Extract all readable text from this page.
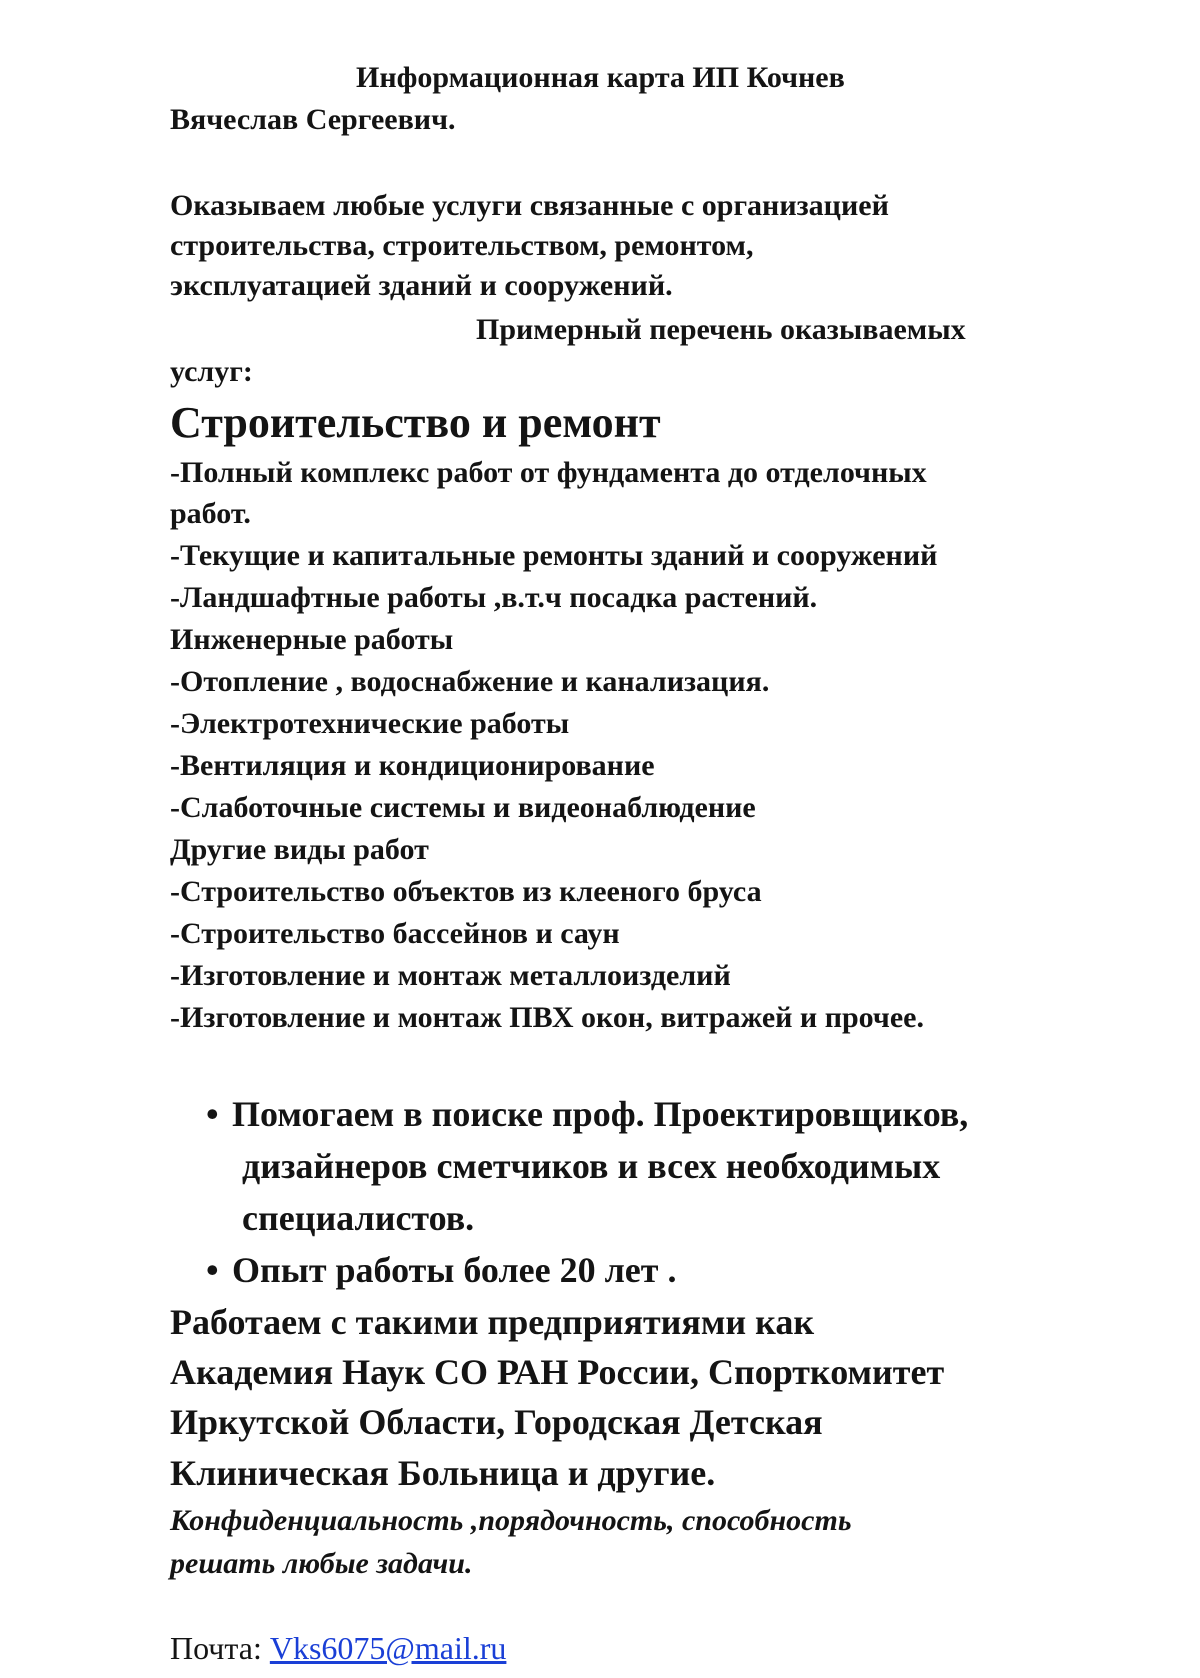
Информационная карта ИП Кочнев
Вячеслав Сергеевич.
Оказываем любые услуги связанные с организацией
строительства, строительством, ремонтом,
эксплуатацией зданий и сооружений.
Примерный перечень оказываемых
услуг:
Строительство и ремонт
-Полный комплекс работ от фундамента до отделочных
работ.
-Текущие и капитальные ремонты зданий и сооружений
-Ландшафтные работы ,в.т.ч посадка растений.
Инженерные работы
-Отопление , водоснабжение и канализация.
-Электротехнические работы
-Вентиляция и кондиционирование
-Слаботочные системы и видеонаблюдение
Другие виды работ
-Строительство объектов из клееного бруса
-Строительство бассейнов и саун
-Изготовление и монтаж металлоизделий
-Изготовление и монтаж ПВХ окон, витражей и прочее.
• Помогаем в поиске проф. Проектировщиков,
дизайнеров сметчиков и всех необходимых
специалистов.
• Опыт работы более 20 лет .
Работаем с такими предприятиями как
Академия Наук СО РАН России, Спорткомитет
Иркутской Области, Городская Детская
Клиническая Больница и другие.
Конфиденциальность ,порядочность, способность
решать любые задачи.
Почта: Vks6075@mail.ru
